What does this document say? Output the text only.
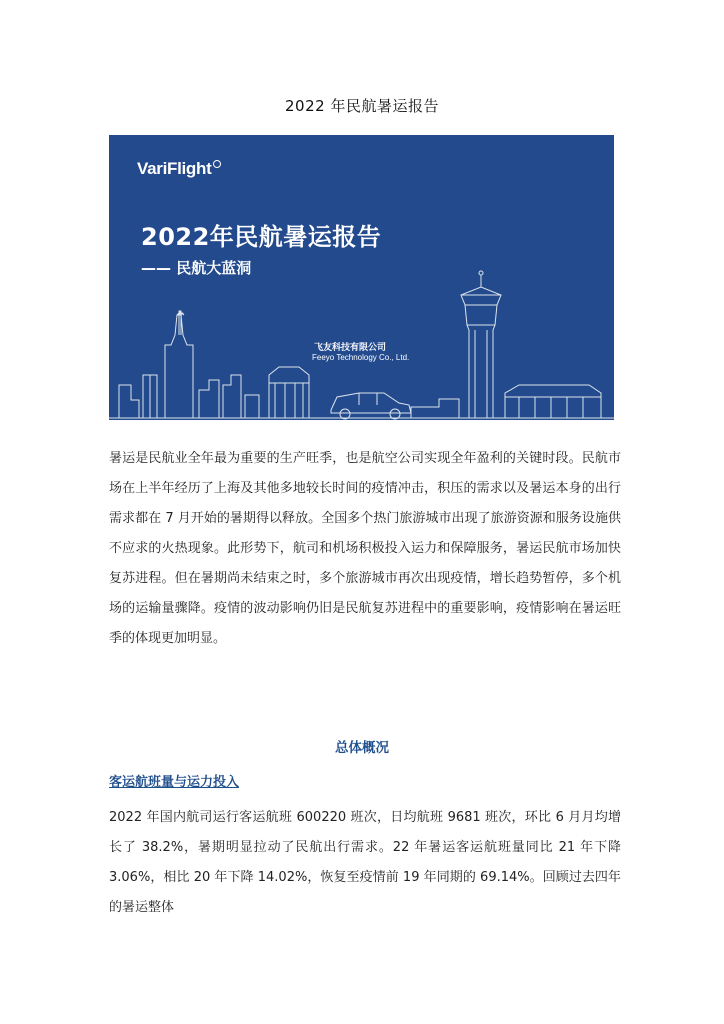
2022 年民航暑运报告
VariFlight
2022年民航暑运报告
—— 民航大蓝洞
飞友科技有限公司
Feeyo Technology Co., Ltd.

暑运是民航业全年最为重要的生产旺季，也是航空公司实现全年盈利的关键时段。民航市场在上半年经历了上海及其他多地较长时间的疫情冲击，积压的需求以及暑运本身的出行需求都在 7 月开始的暑期得以释放。全国多个热门旅游城市出现了旅游资源和服务设施供不应求的火热现象。此形势下，航司和机场积极投入运力和保障服务，暑运民航市场加快复苏进程。但在暑期尚未结束之时，多个旅游城市再次出现疫情，增长趋势暂停，多个机场的运输量骤降。疫情的波动影响仍旧是民航复苏进程中的重要影响，疫情影响在暑运旺季的体现更加明显。

总体概况
客运航班量与运力投入

2022 年国内航司运行客运航班 600220 班次，日均航班 9681 班次，环比 6 月月均增长了 38.2%，暑期明显拉动了民航出行需求。22 年暑运客运航班量同比 21 年下降 3.06%，相比 20 年下降 14.02%，恢复至疫情前 19 年同期的 69.14%。回顾过去四年的暑运整体
